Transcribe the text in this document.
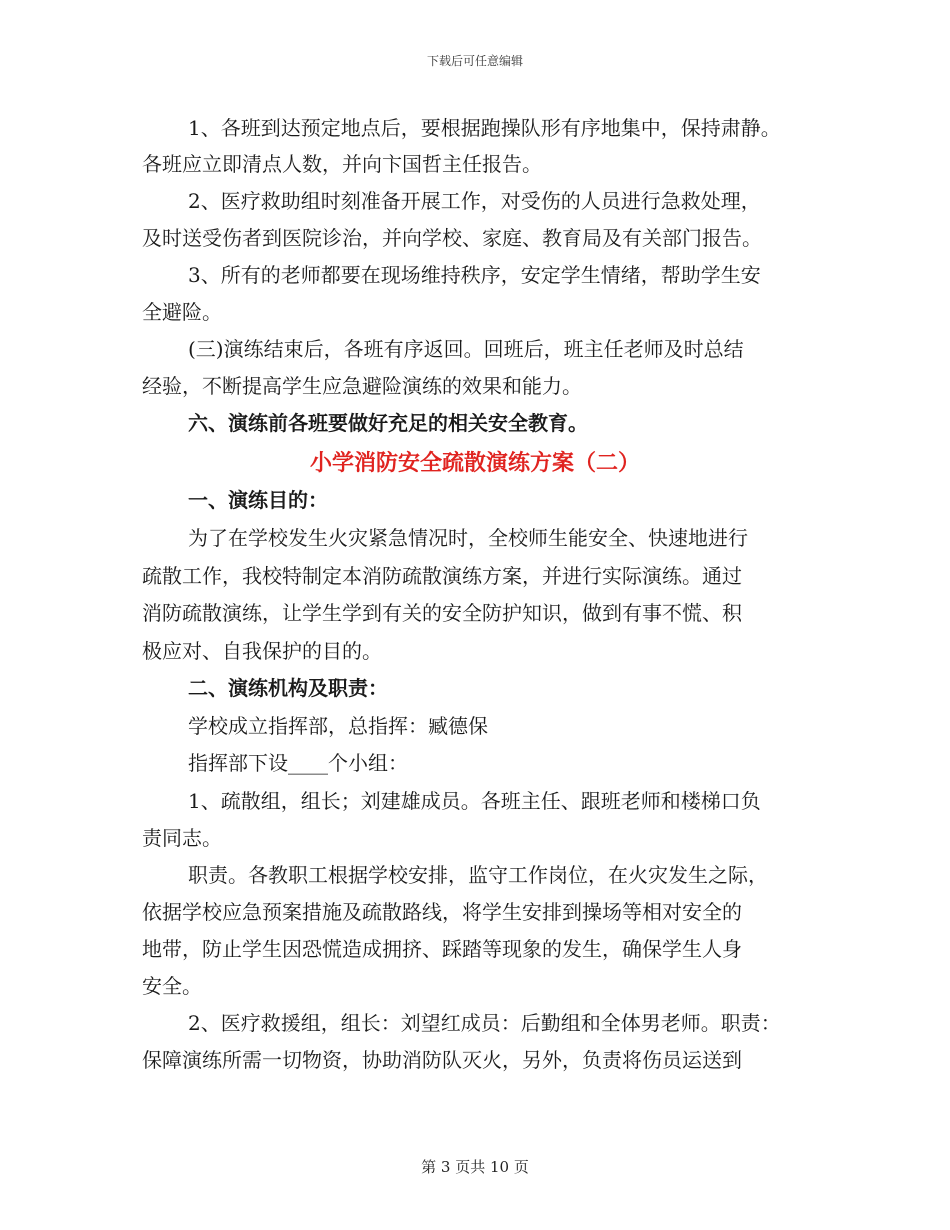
下载后可任意编辑
1、各班到达预定地点后，要根据跑操队形有序地集中，保持肃静。
各班应立即清点人数，并向卞国哲主任报告。
2、医疗救助组时刻准备开展工作，对受伤的人员进行急救处理，
及时送受伤者到医院诊治，并向学校、家庭、教育局及有关部门报告。
3、所有的老师都要在现场维持秩序，安定学生情绪，帮助学生安
全避险。
(三)演练结束后，各班有序返回。回班后，班主任老师及时总结
经验，不断提高学生应急避险演练的效果和能力。
六、演练前各班要做好充足的相关安全教育。
小学消防安全疏散演练方案（二）
一、演练目的：
为了在学校发生火灾紧急情况时，全校师生能安全、快速地进行
疏散工作，我校特制定本消防疏散演练方案，并进行实际演练。通过
消防疏散演练，让学生学到有关的安全防护知识，做到有事不慌、积
极应对、自我保护的目的。
二、演练机构及职责：
学校成立指挥部，总指挥：臧德保
指挥部下设____个小组：
1、疏散组，组长；刘建雄成员。各班主任、跟班老师和楼梯口负
责同志。
职责。各教职工根据学校安排，监守工作岗位，在火灾发生之际，
依据学校应急预案措施及疏散路线，将学生安排到操场等相对安全的
地带，防止学生因恐慌造成拥挤、踩踏等现象的发生，确保学生人身
安全。
2、医疗救援组，组长：刘望红成员：后勤组和全体男老师。职责：
保障演练所需一切物资，协助消防队灭火，另外，负责将伤员运送到
第 3 页共 10 页
